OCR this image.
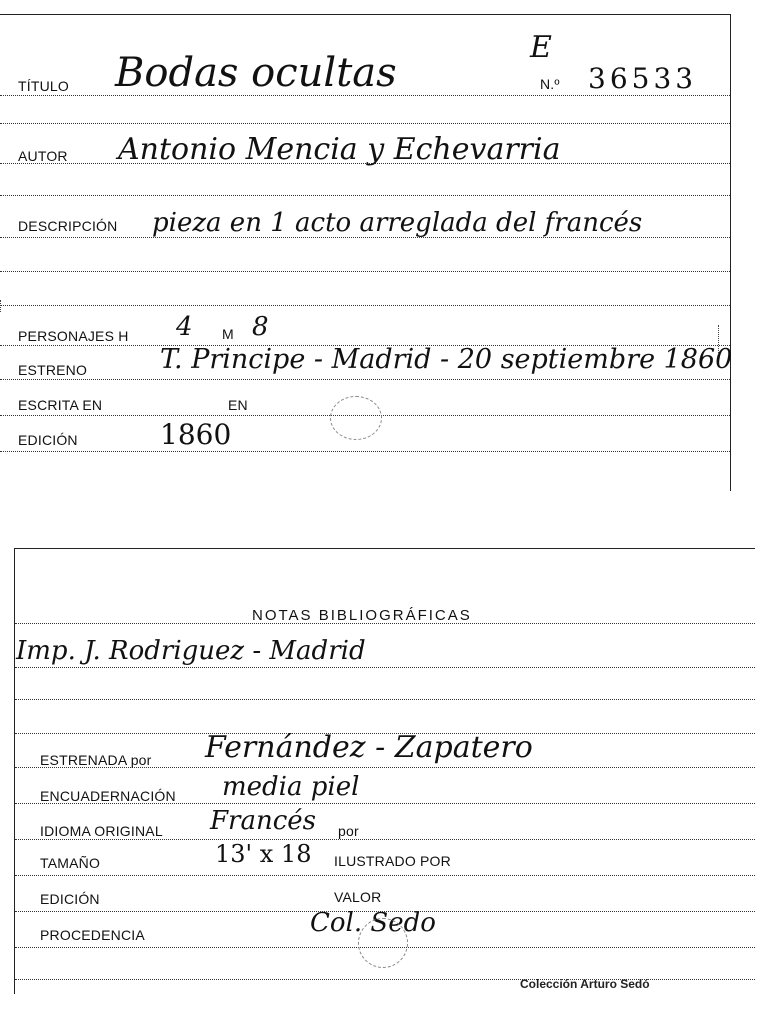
TÍTULO Bodas ocultas
E
N.º 36533
AUTOR Antonio Mencia y Echevarria
DESCRIPCIÓN pieza en 1 acto arreglada del francés
PERSONAJES H 4 M 8
ESTRENO	T. Principe - Madrid - 20 septiembre 1860
ESCRITA EN	EN
EDICIÓN	1860
NOTAS BIBLIOGRÁFICAS
Imp. J. Rodriguez - Madrid
ESTRENADA por Fernández - Zapatero
ENCUADERNACIÓN media piel
IDIOMA ORIGINAL Francés por
TAMAÑO	13' x 18 ILUSTRADO POR
EDICIÓN	VALOR
PROCEDENCIA	Col. Sedo
Colección Arturo Sedó
